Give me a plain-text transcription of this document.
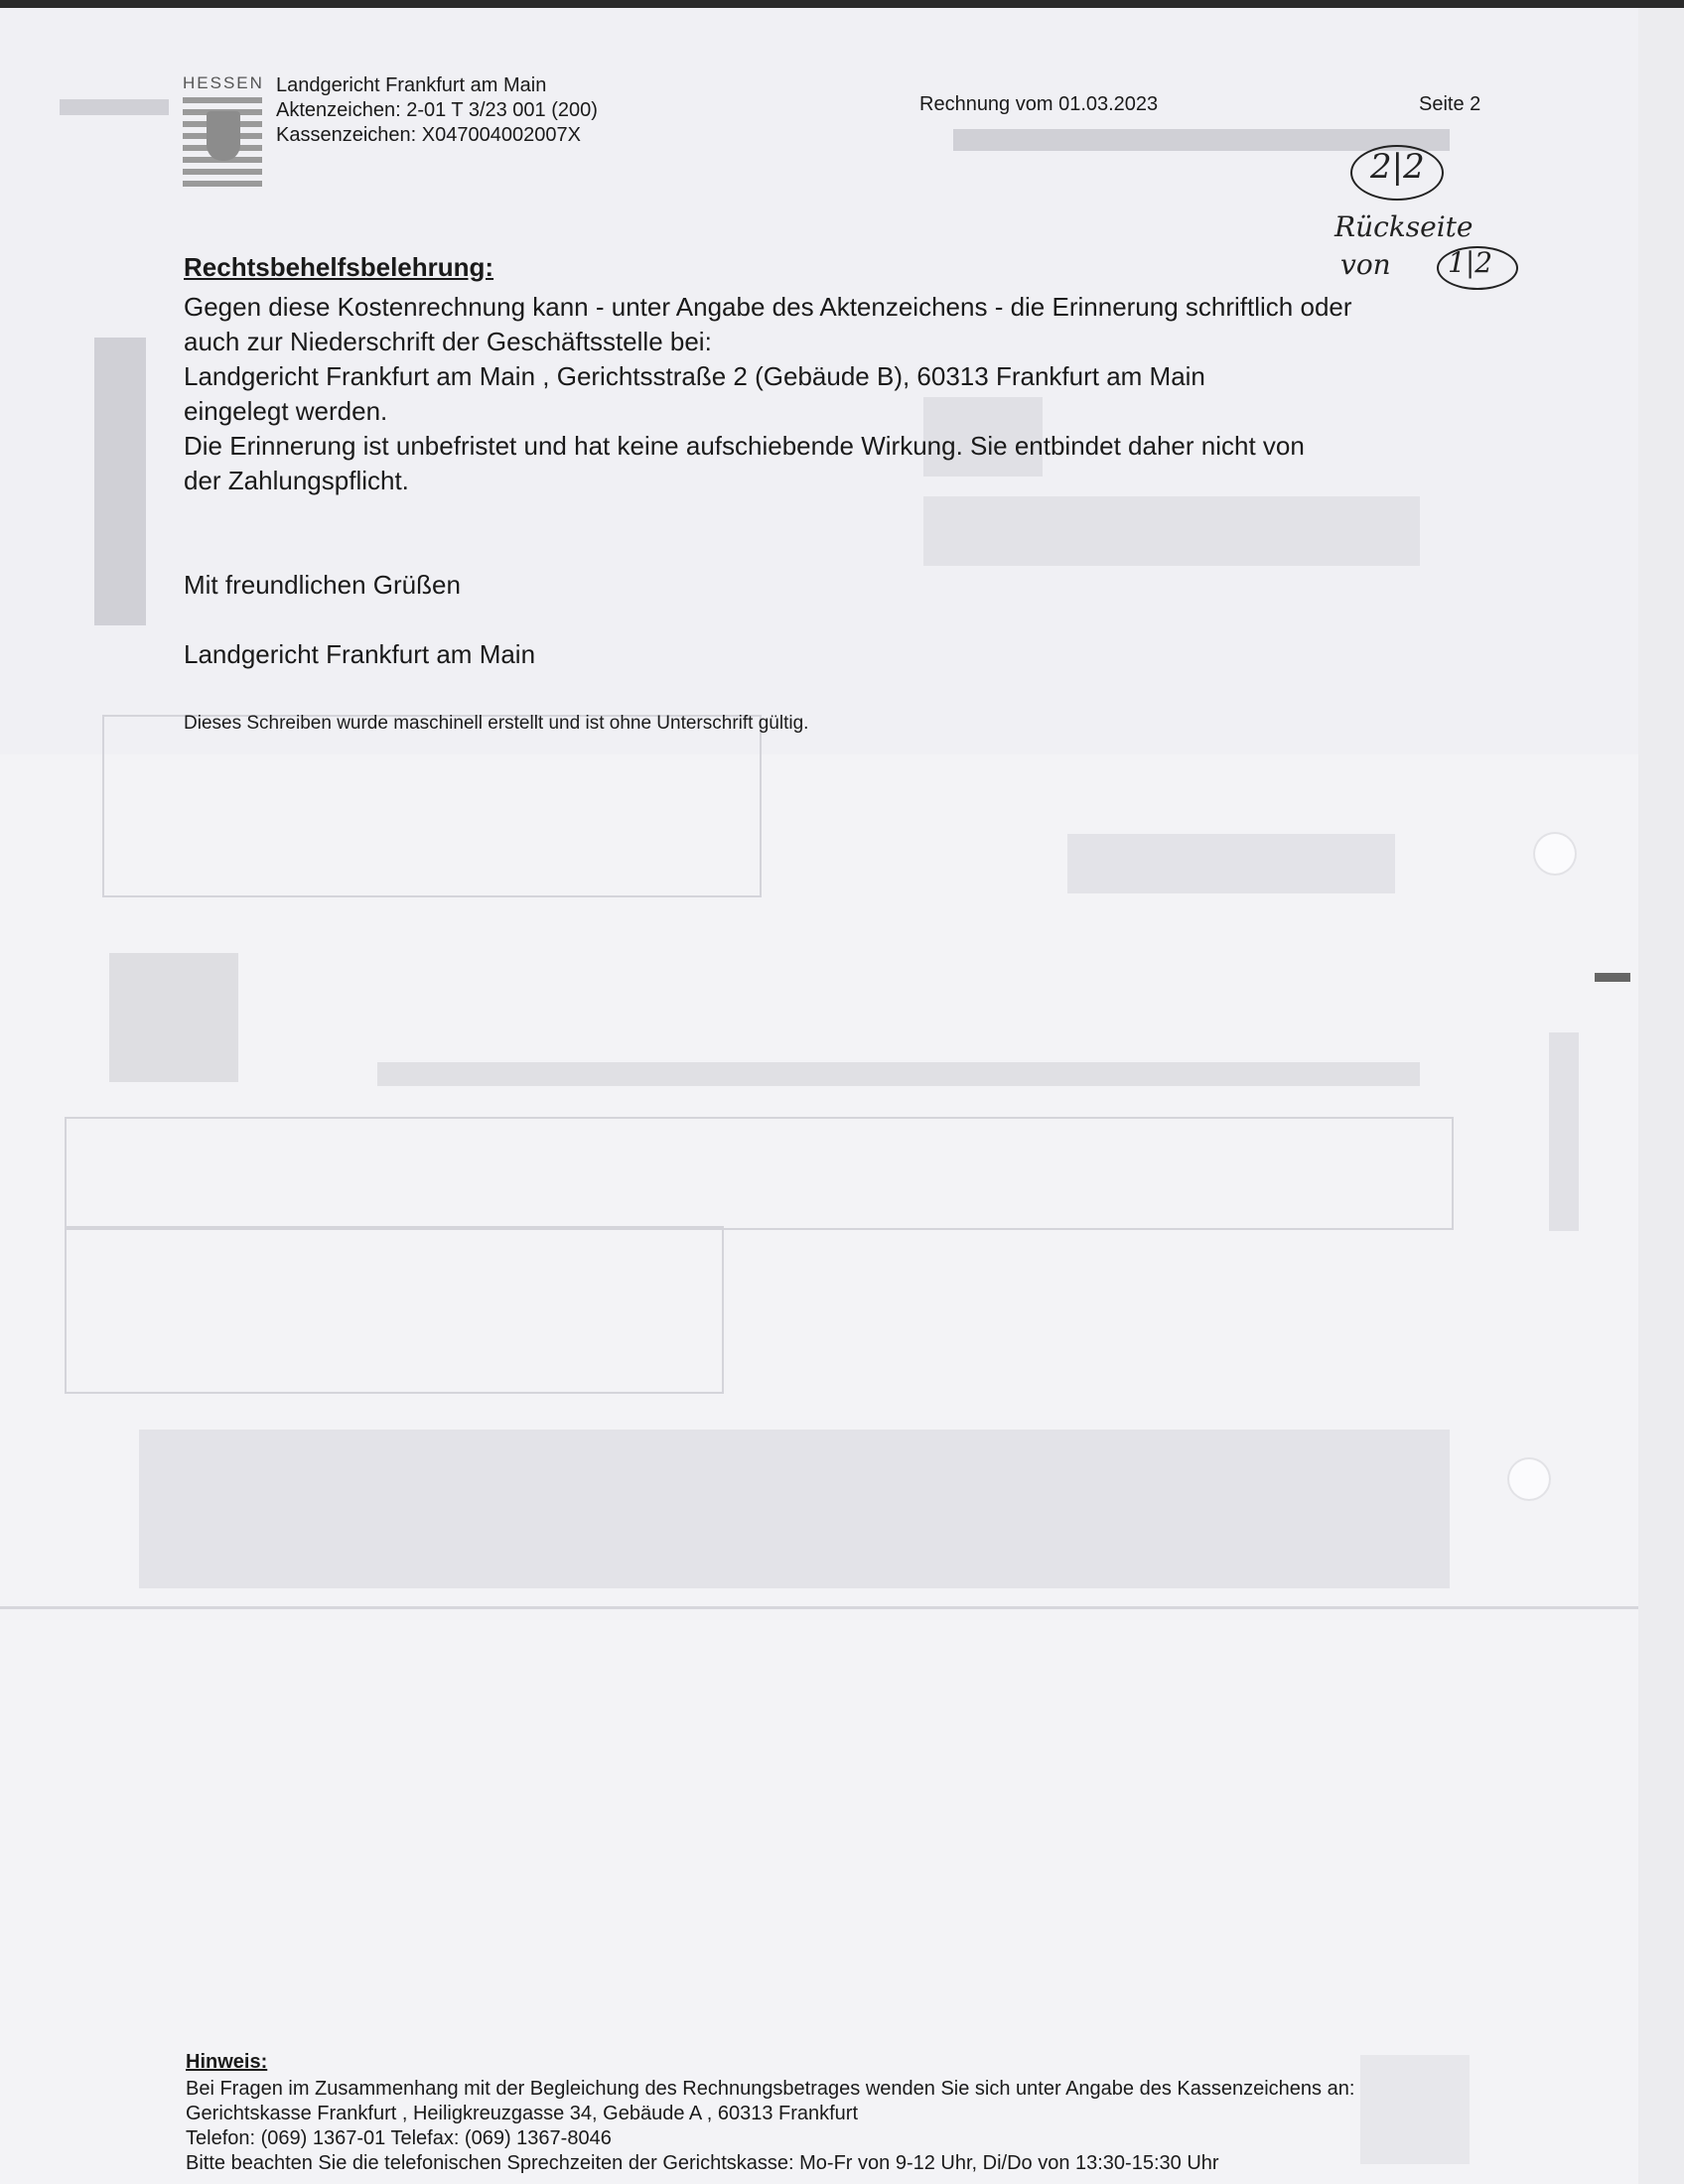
HESSEN Landgericht Frankfurt am Main
Aktenzeichen: 2-01 T 3/23 001 (200)
Kassenzeichen: X047004002007X
Rechnung vom 01.03.2023	Seite 2
2|2
Rückseite
von 1|2
Rechtsbehelfsbelehrung:
Gegen diese Kostenrechnung kann - unter Angabe des Aktenzeichens - die Erinnerung schriftlich oder
auch zur Niederschrift der Geschäftsstelle bei:
Landgericht Frankfurt am Main , Gerichtsstraße 2 (Gebäude B), 60313 Frankfurt am Main
eingelegt werden.
Die Erinnerung ist unbefristet und hat keine aufschiebende Wirkung. Sie entbindet daher nicht von
der Zahlungspflicht.
Mit freundlichen Grüßen
Landgericht Frankfurt am Main
Dieses Schreiben wurde maschinell erstellt und ist ohne Unterschrift gültig.
Hinweis:
Bei Fragen im Zusammenhang mit der Begleichung des Rechnungsbetrages wenden Sie sich unter Angabe des Kassenzeichens an:
Gerichtskasse Frankfurt , Heiligkreuzgasse 34, Gebäude A , 60313 Frankfurt
Telefon: (069) 1367-01 Telefax: (069) 1367-8046
Bitte beachten Sie die telefonischen Sprechzeiten der Gerichtskasse: Mo-Fr von 9-12 Uhr, Di/Do von 13:30-15:30 Uhr
